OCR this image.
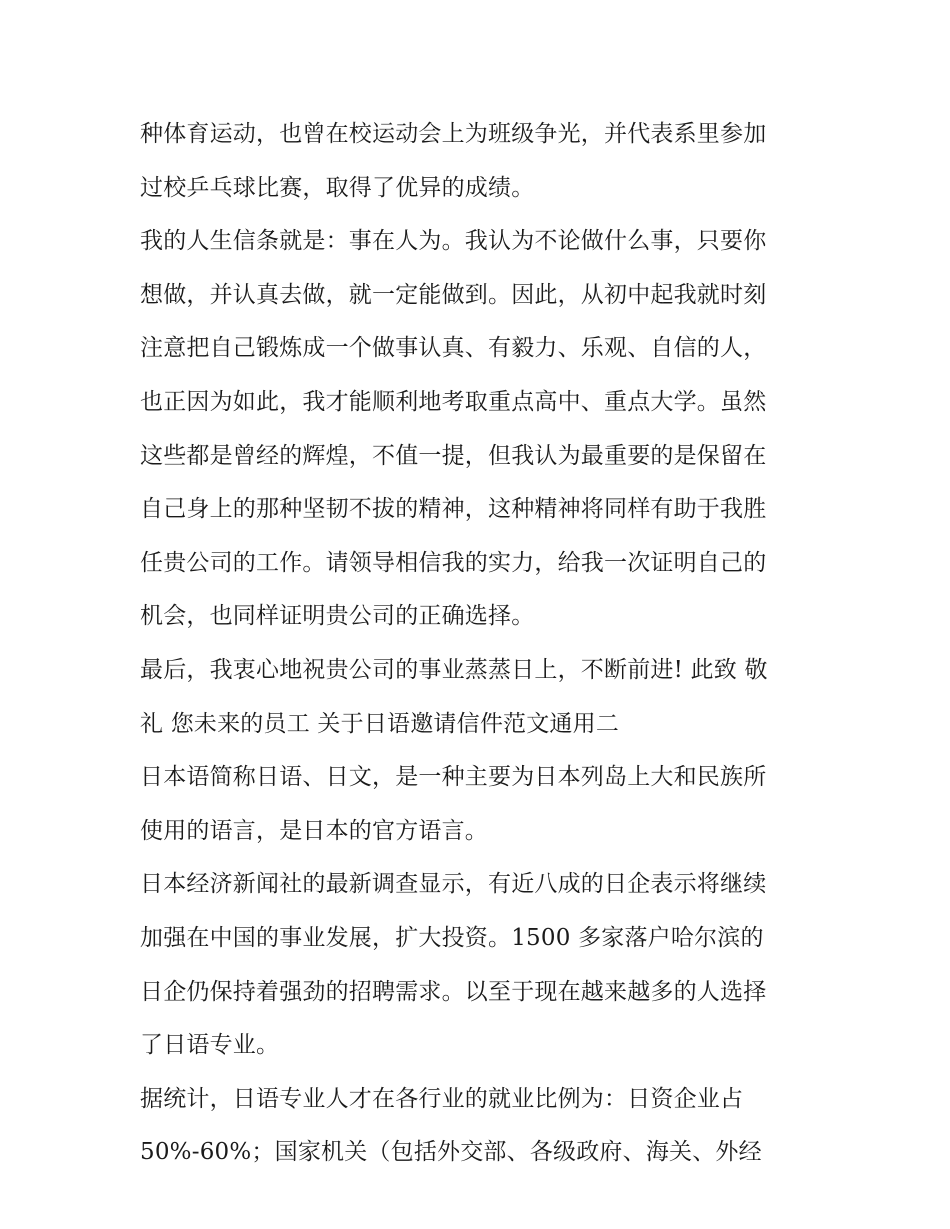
种体育运动，也曾在校运动会上为班级争光，并代表系里参加
过校乒乓球比赛，取得了优异的成绩。
我的人生信条就是：事在人为。我认为不论做什么事，只要你
想做，并认真去做，就一定能做到。因此，从初中起我就时刻
注意把自己锻炼成一个做事认真、有毅力、乐观、自信的人，
也正因为如此，我才能顺利地考取重点高中、重点大学。虽然
这些都是曾经的辉煌，不值一提，但我认为最重要的是保留在
自己身上的那种坚韧不拔的精神，这种精神将同样有助于我胜
任贵公司的工作。请领导相信我的实力，给我一次证明自己的
机会，也同样证明贵公司的正确选择。
最后，我衷心地祝贵公司的事业蒸蒸日上，不断前进! 此致 敬
礼 您未来的员工 关于日语邀请信件范文通用二
日本语简称日语、日文，是一种主要为日本列岛上大和民族所
使用的语言，是日本的官方语言。
日本经济新闻社的最新调查显示，有近八成的日企表示将继续
加强在中国的事业发展，扩大投资。1500 多家落户哈尔滨的
日企仍保持着强劲的招聘需求。以至于现在越来越多的人选择
了日语专业。
据统计，日语专业人才在各行业的就业比例为：日资企业占
50%-60%；国家机关（包括外交部、各级政府、海关、外经
